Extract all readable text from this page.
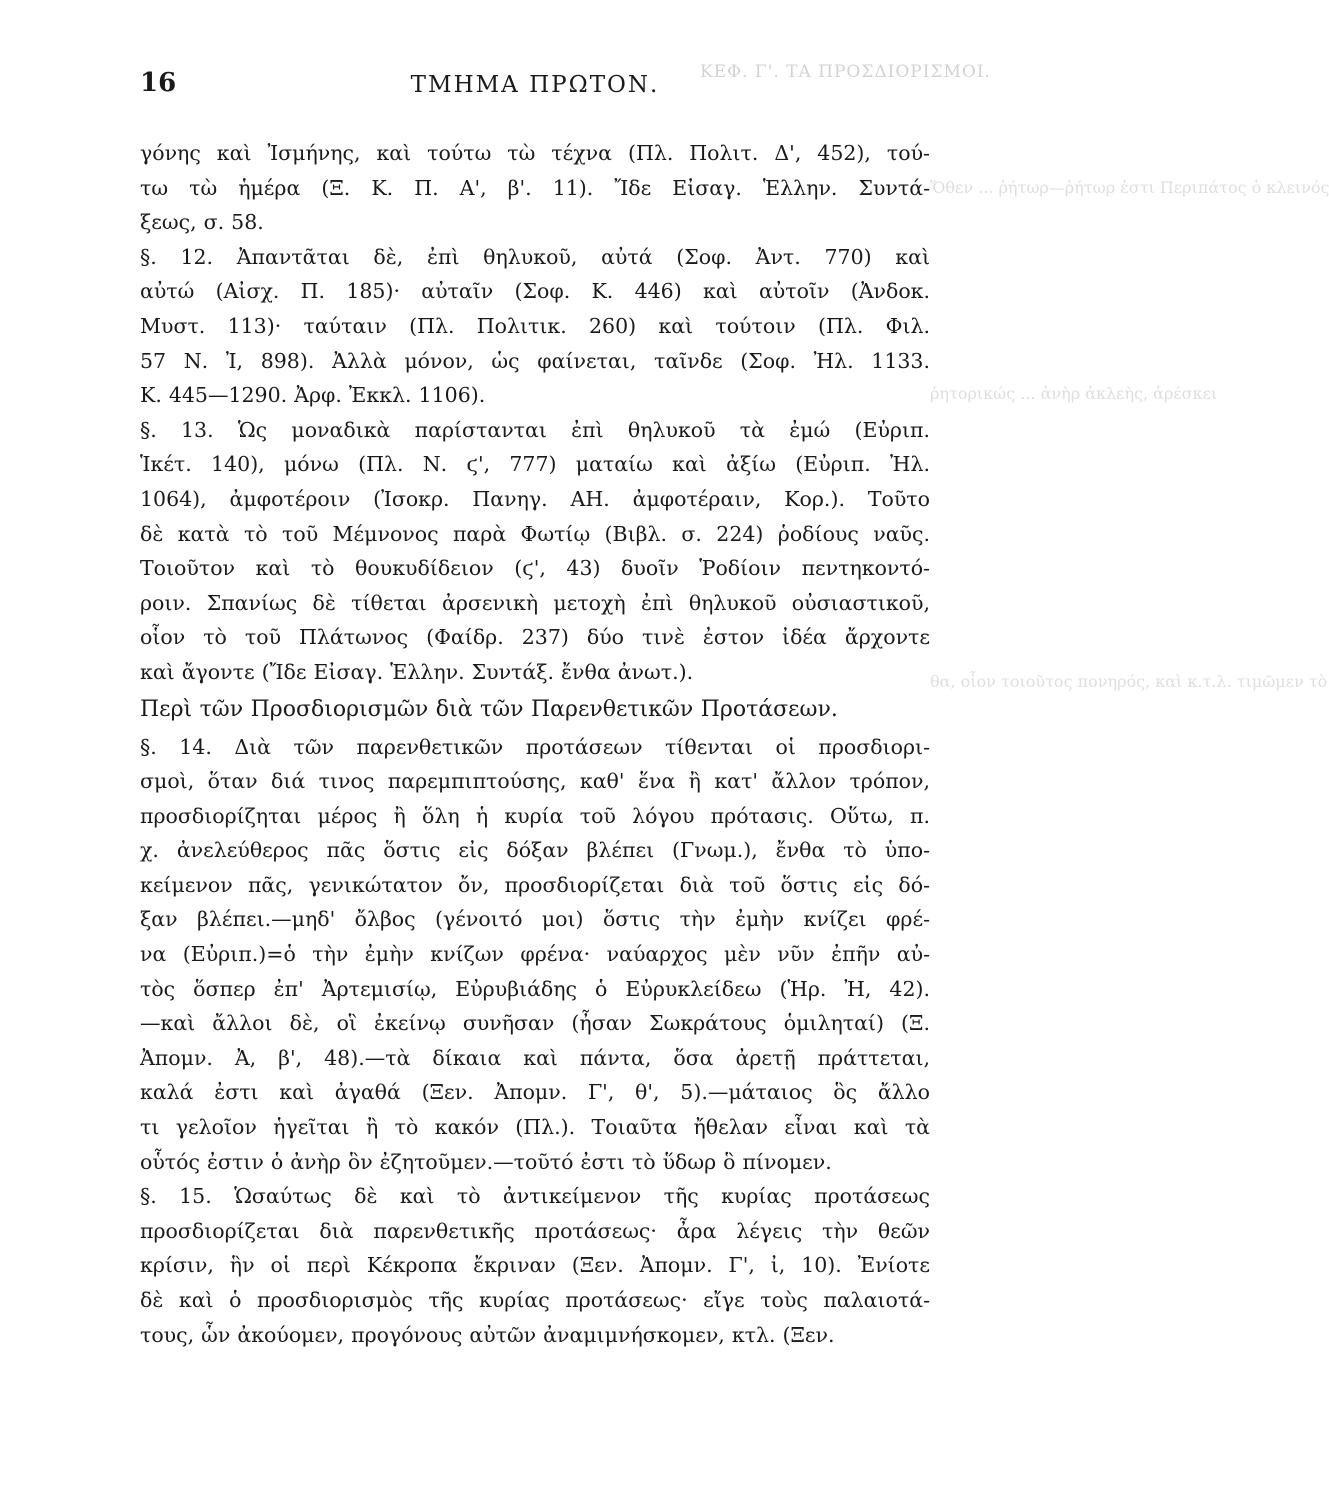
ΚΕΦ. Γ'. ΤΑ ΠΡΟΣΔΙΟΡΙΣΜΟΙ.
Ὅθεν ... ῥήτωρ—ῥήτωρ ἐστι Περιπάτος ὁ κλεινός
ῥητορικώς ... ἀνὴρ ἀκλεὴς, ἀρέσκει
θα, οἷον τοιοῦτος πονηρός, καὶ κ.τ.λ. τιμῶμεν τὸ
16	ΤΜΗΜΑ ΠΡΩΤΟΝ.
γόνης καὶ Ἰσμήνης, καὶ τούτω τὼ τέχνα (Πλ. Πολιτ. Δ', 452), τού-
τω τὼ ἡμέρα (Ξ. Κ. Π. Α', β'. 11). Ἴδε Εἰσαγ. Ἑλλην. Συντά-
ξεως, σ. 58.
§. 12. Ἀπαντᾶται δὲ, ἐπὶ θηλυκοῦ, αὐτά (Σοφ. Ἀντ. 770) καὶ
αὐτώ (Αἰσχ. Π. 185)· αὐταῖν (Σοφ. Κ. 446) καὶ αὐτοῖν (Ἀνδοκ.
Μυστ. 113)· ταύταιν (Πλ. Πολιτικ. 260) καὶ τούτοιν (Πλ. Φιλ.
57 Ν. Ἰ, 898). Ἀλλὰ μόνον, ὡς φαίνεται, ταῖνδε (Σοφ. Ἠλ. 1133.
Κ. 445—1290. Ἀρφ. Ἐκκλ. 1106).
§. 13. Ὡς μοναδικὰ παρίστανται ἐπὶ θηλυκοῦ τὰ ἐμώ (Εὐριπ.
Ἱκέτ. 140), μόνω (Πλ. Ν. ϛ', 777) ματαίω καὶ ἀξίω (Εὐριπ. Ἠλ.
1064), ἀμφοτέροιν (Ἰσοκρ. Πανηγ. ΑΗ. ἀμφοτέραιν, Κορ.). Τοῦτο
δὲ κατὰ τὸ τοῦ Μέμνονος παρὰ Φωτίῳ (Βιβλ. σ. 224) ῥοδίους ναῦς.
Τοιοῦτον καὶ τὸ θουκυδίδειον (ϛ', 43) δυοῖν Ῥοδίοιν πεντηκοντό-
ροιν. Σπανίως δὲ τίθεται ἀρσενικὴ μετοχὴ ἐπὶ θηλυκοῦ οὐσιαστικοῦ,
οἷον τὸ τοῦ Πλάτωνος (Φαίδρ. 237) δύο τινὲ ἐστον ἰδέα ἄρχοντε
καὶ ἄγοντε (Ἴδε Εἰσαγ. Ἑλλην. Συντάξ. ἔνθα ἀνωτ.).
Περὶ τῶν Προσδιορισμῶν διὰ τῶν Παρενθετικῶν Προτάσεων.
§. 14. Διὰ τῶν παρενθετικῶν προτάσεων τίθενται οἱ προσδιορι-
σμοὶ, ὅταν διά τινος παρεμπιπτούσης, καθ' ἕνα ἢ κατ' ἄλλον τρόπον,
προσδιορίζηται μέρος ἢ ὅλη ἡ κυρία τοῦ λόγου πρότασις. Οὕτω, π.
χ. ἀνελεύθερος πᾶς ὅστις εἰς δόξαν βλέπει (Γνωμ.), ἔνθα τὸ ὑπο-
κείμενον πᾶς, γενικώτατον ὄν, προσδιορίζεται διὰ τοῦ ὅστις εἰς δό-
ξαν βλέπει.—μηδ' ὄλβος (γένοιτό μοι) ὅστις τὴν ἐμὴν κνίζει φρέ-
να (Εὐριπ.)=ὁ τὴν ἐμὴν κνίζων φρένα· ναύαρχος μὲν νῦν ἐπῆν αὐ-
τὸς ὅσπερ ἐπ' Ἀρτεμισίῳ, Εὐρυβιάδης ὁ Εὐρυκλείδεω (Ἡρ. Ἠ, 42).
—καὶ ἄλλοι δὲ, οἳ ἐκείνῳ συνῆσαν (ἦσαν Σωκράτους ὁμιληταί) (Ξ.
Ἀπομν. Ἀ, β', 48).—τὰ δίκαια καὶ πάντα, ὅσα ἀρετῇ πράττεται,
καλά ἐστι καὶ ἀγαθά (Ξεν. Ἀπομν. Γ', θ', 5).—μάταιος ὃς ἄλλο
τι γελοῖον ἡγεῖται ἢ τὸ κακόν (Πλ.). Τοιαῦτα ἤθελαν εἶναι καὶ τὰ
οὗτός ἐστιν ὁ ἀνὴρ ὃν ἐζητοῦμεν.—τοῦτό ἐστι τὸ ὕδωρ ὃ πίνομεν.
§. 15. Ὡσαύτως δὲ καὶ τὸ ἀντικείμενον τῆς κυρίας προτάσεως
προσδιορίζεται διὰ παρενθετικῆς προτάσεως· ἆρα λέγεις τὴν θεῶν
κρίσιν, ἣν οἱ περὶ Κέκροπα ἔκριναν (Ξεν. Ἀπομν. Γ', ἰ, 10). Ἐνίοτε
δὲ καὶ ὁ προσδιορισμὸς τῆς κυρίας προτάσεως· εἴγε τοὺς παλαιοτά-
τους, ὧν ἀκούομεν, προγόνους αὐτῶν ἀναμιμνήσκομεν, κτλ. (Ξεν.
